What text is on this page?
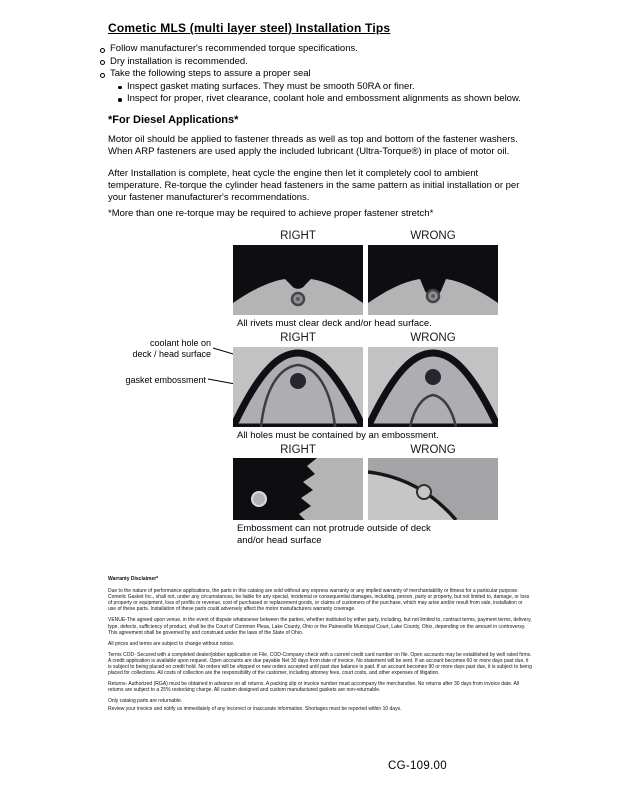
Cometic MLS (multi layer steel) Installation Tips
Follow manufacturer's recommended torque specifications.
Dry installation is recommended.
Take the following steps to assure a proper seal
Inspect gasket mating surfaces. They must be smooth 50RA or finer.
Inspect for proper, rivet clearance, coolant hole and embossment alignments as shown below.
*For Diesel Applications*

Motor oil should be applied to fastener threads as well as top and bottom of the fastener washers. When ARP fasteners are used apply the included lubricant (Ultra-Torque®) in place of motor oil.

After Installation is complete, heat cycle the engine then let it completely cool to ambient temperature. Re-torque the cylinder head fasteners in the same pattern as initial installation or per your fastener manufacturer's recommendations.

*More than one re-torque may be required to achieve proper fastener stretch*

RIGHT	WRONG
All rivets must clear deck and/or head surface.
RIGHT	WRONG
coolant hole on
deck / head surface
gasket embossment
All holes must be contained by an embossment.
RIGHT	WRONG
Embossment can not protrude outside of deck
and/or head surface

Warranty Disclaimer*

Due to the nature of performance applications, the parts in this catalog are sold without any express warranty or any implied warranty of merchantability or fitness for a particular purpose. Cometic Gasket Inc., shall not, under any circumstances, be liable for any special, incidental or consequential damages, including, person, party or property, but not limited to, damage, or loss of property or equipment, loss of profits or revenue, cost of purchased or replacement goods, or claims of customers of the purchase, which may arise and/or result from sale, installation or use of these parts. Installation of these parts could adversely affect the motor manufacturers warranty coverage.

VENUE-The agreed upon venue, in the event of dispute whatsoever between the parties, whether instituted by either party, including, but not limited to, contract terms, payment terms, delivery, type, defects, sufficiency of product, shall be the Court of Common Pleas, Lake County, Ohio or the Painesville Municipal Court, Lake County, Ohio, depending on the amount in controversy. This agreement shall be governed by and construed under the laws of the State of Ohio.

All prices and terms are subject to change without notice.

Terms COD- Secured with a completed dealer/jobber application on File, COD-Company check with a current credit card number on file. Open accounts may be established by well rated firms. A credit application is available upon request. Open accounts are due payable Net 30 days from date of invoice. No statement will be sent. If an account becomes 60 or more days past due, it is subject to being placed on credit hold. No orders will be shipped or new orders accepted until past due balance is paid. If an account becomes 90 or more days past due, it is subject to being placed for collections. All costs of collection are the responsibility of the customer, including attorney fees, court costs, and other expenses of litigation.

Returns- Authorized (RGA) must be obtained in advance on all returns. A packing slip or invoice number must accompany the merchandise. No returns after 30 days from invoice date. All returns are subject to a 25% restocking charge. All custom designed and custom manufactured gaskets are non-returnable.

Only catalog parts are returnable.

Review your invoice and notify us immediately of any incorrect or inaccurate information. Shortages must be reported within 10 days.

CG-109.00
